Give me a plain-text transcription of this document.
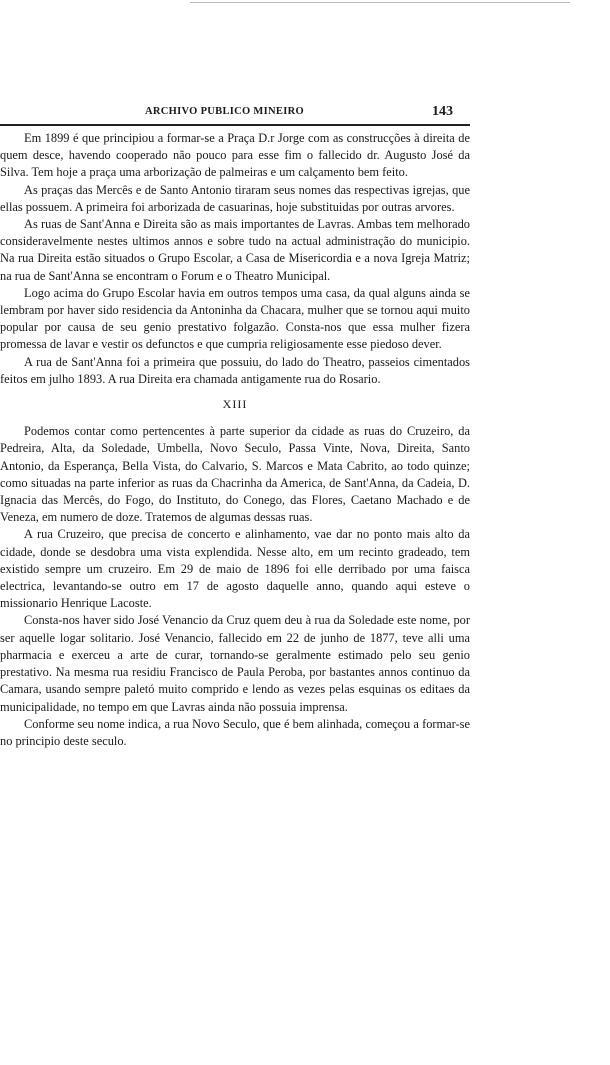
ARCHIVO PUBLICO MINEIRO	143

Em 1899 é que principiou a formar-se a Praça D.r Jorge com as construcções à direita de quem desce, havendo cooperado não pouco para esse fim o fallecido dr. Augusto José da Silva. Tem hoje a praça uma arborização de palmeiras e um calçamento bem feito.

As praças das Mercês e de Santo Antonio tiraram seus nomes das respectivas igrejas, que ellas possuem. A primeira foi arborizada de casuarinas, hoje substituidas por outras arvores.

As ruas de Sant'Anna e Direita são as mais importantes de Lavras. Ambas tem melhorado consideravelmente nestes ultimos annos e sobre tudo na actual administração do municipio. Na rua Direita estão situados o Grupo Escolar, a Casa de Misericordia e a nova Igreja Matriz; na rua de Sant'Anna se encontram o Forum e o Theatro Municipal.

Logo acima do Grupo Escolar havia em outros tempos uma casa, da qual alguns ainda se lembram por haver sido residencia da Antoninha da Chacara, mulher que se tornou aqui muito popular por causa de seu genio prestativo folgazão. Consta-nos que essa mulher fizera promessa de lavar e vestir os defunctos e que cumpria religiosamente esse piedoso dever.

A rua de Sant'Anna foi a primeira que possuiu, do lado do Theatro, passeios cimentados feitos em julho 1893. A rua Direita era chamada antigamente rua do Rosario.

XIII

Podemos contar como pertencentes à parte superior da cidade as ruas do Cruzeiro, da Pedreira, Alta, da Soledade, Umbella, Novo Seculo, Passa Vinte, Nova, Direita, Santo Antonio, da Esperança, Bella Vista, do Calvario, S. Marcos e Mata Cabrito, ao todo quinze; como situadas na parte inferior as ruas da Chacrinha da America, de Sant'Anna, da Cadeia, D. Ignacia das Mercês, do Fogo, do Instituto, do Conego, das Flores, Caetano Machado e de Veneza, em numero de doze. Tratemos de algumas dessas ruas.

A rua Cruzeiro, que precisa de concerto e alinhamento, vae dar no ponto mais alto da cidade, donde se desdobra uma vista explendida. Nesse alto, em um recinto gradeado, tem existido sempre um cruzeiro. Em 29 de maio de 1896 foi elle derribado por uma faisca electrica, levantando-se outro em 17 de agosto daquelle anno, quando aqui esteve o missionario Henrique Lacoste.

Consta-nos haver sido José Venancio da Cruz quem deu à rua da Soledade este nome, por ser aquelle logar solitario. José Venancio, fallecido em 22 de junho de 1877, teve alli uma pharmacia e exerceu a arte de curar, tornando-se geralmente estimado pelo seu genio prestativo. Na mesma rua residiu Francisco de Paula Peroba, por bastantes annos continuo da Camara, usando sempre paletó muito comprido e lendo as vezes pelas esquinas os editaes da municipalidade, no tempo em que Lavras ainda não possuia imprensa.

Conforme seu nome indica, a rua Novo Seculo, que é bem alinhada, começou a formar-se no principio deste seculo.
